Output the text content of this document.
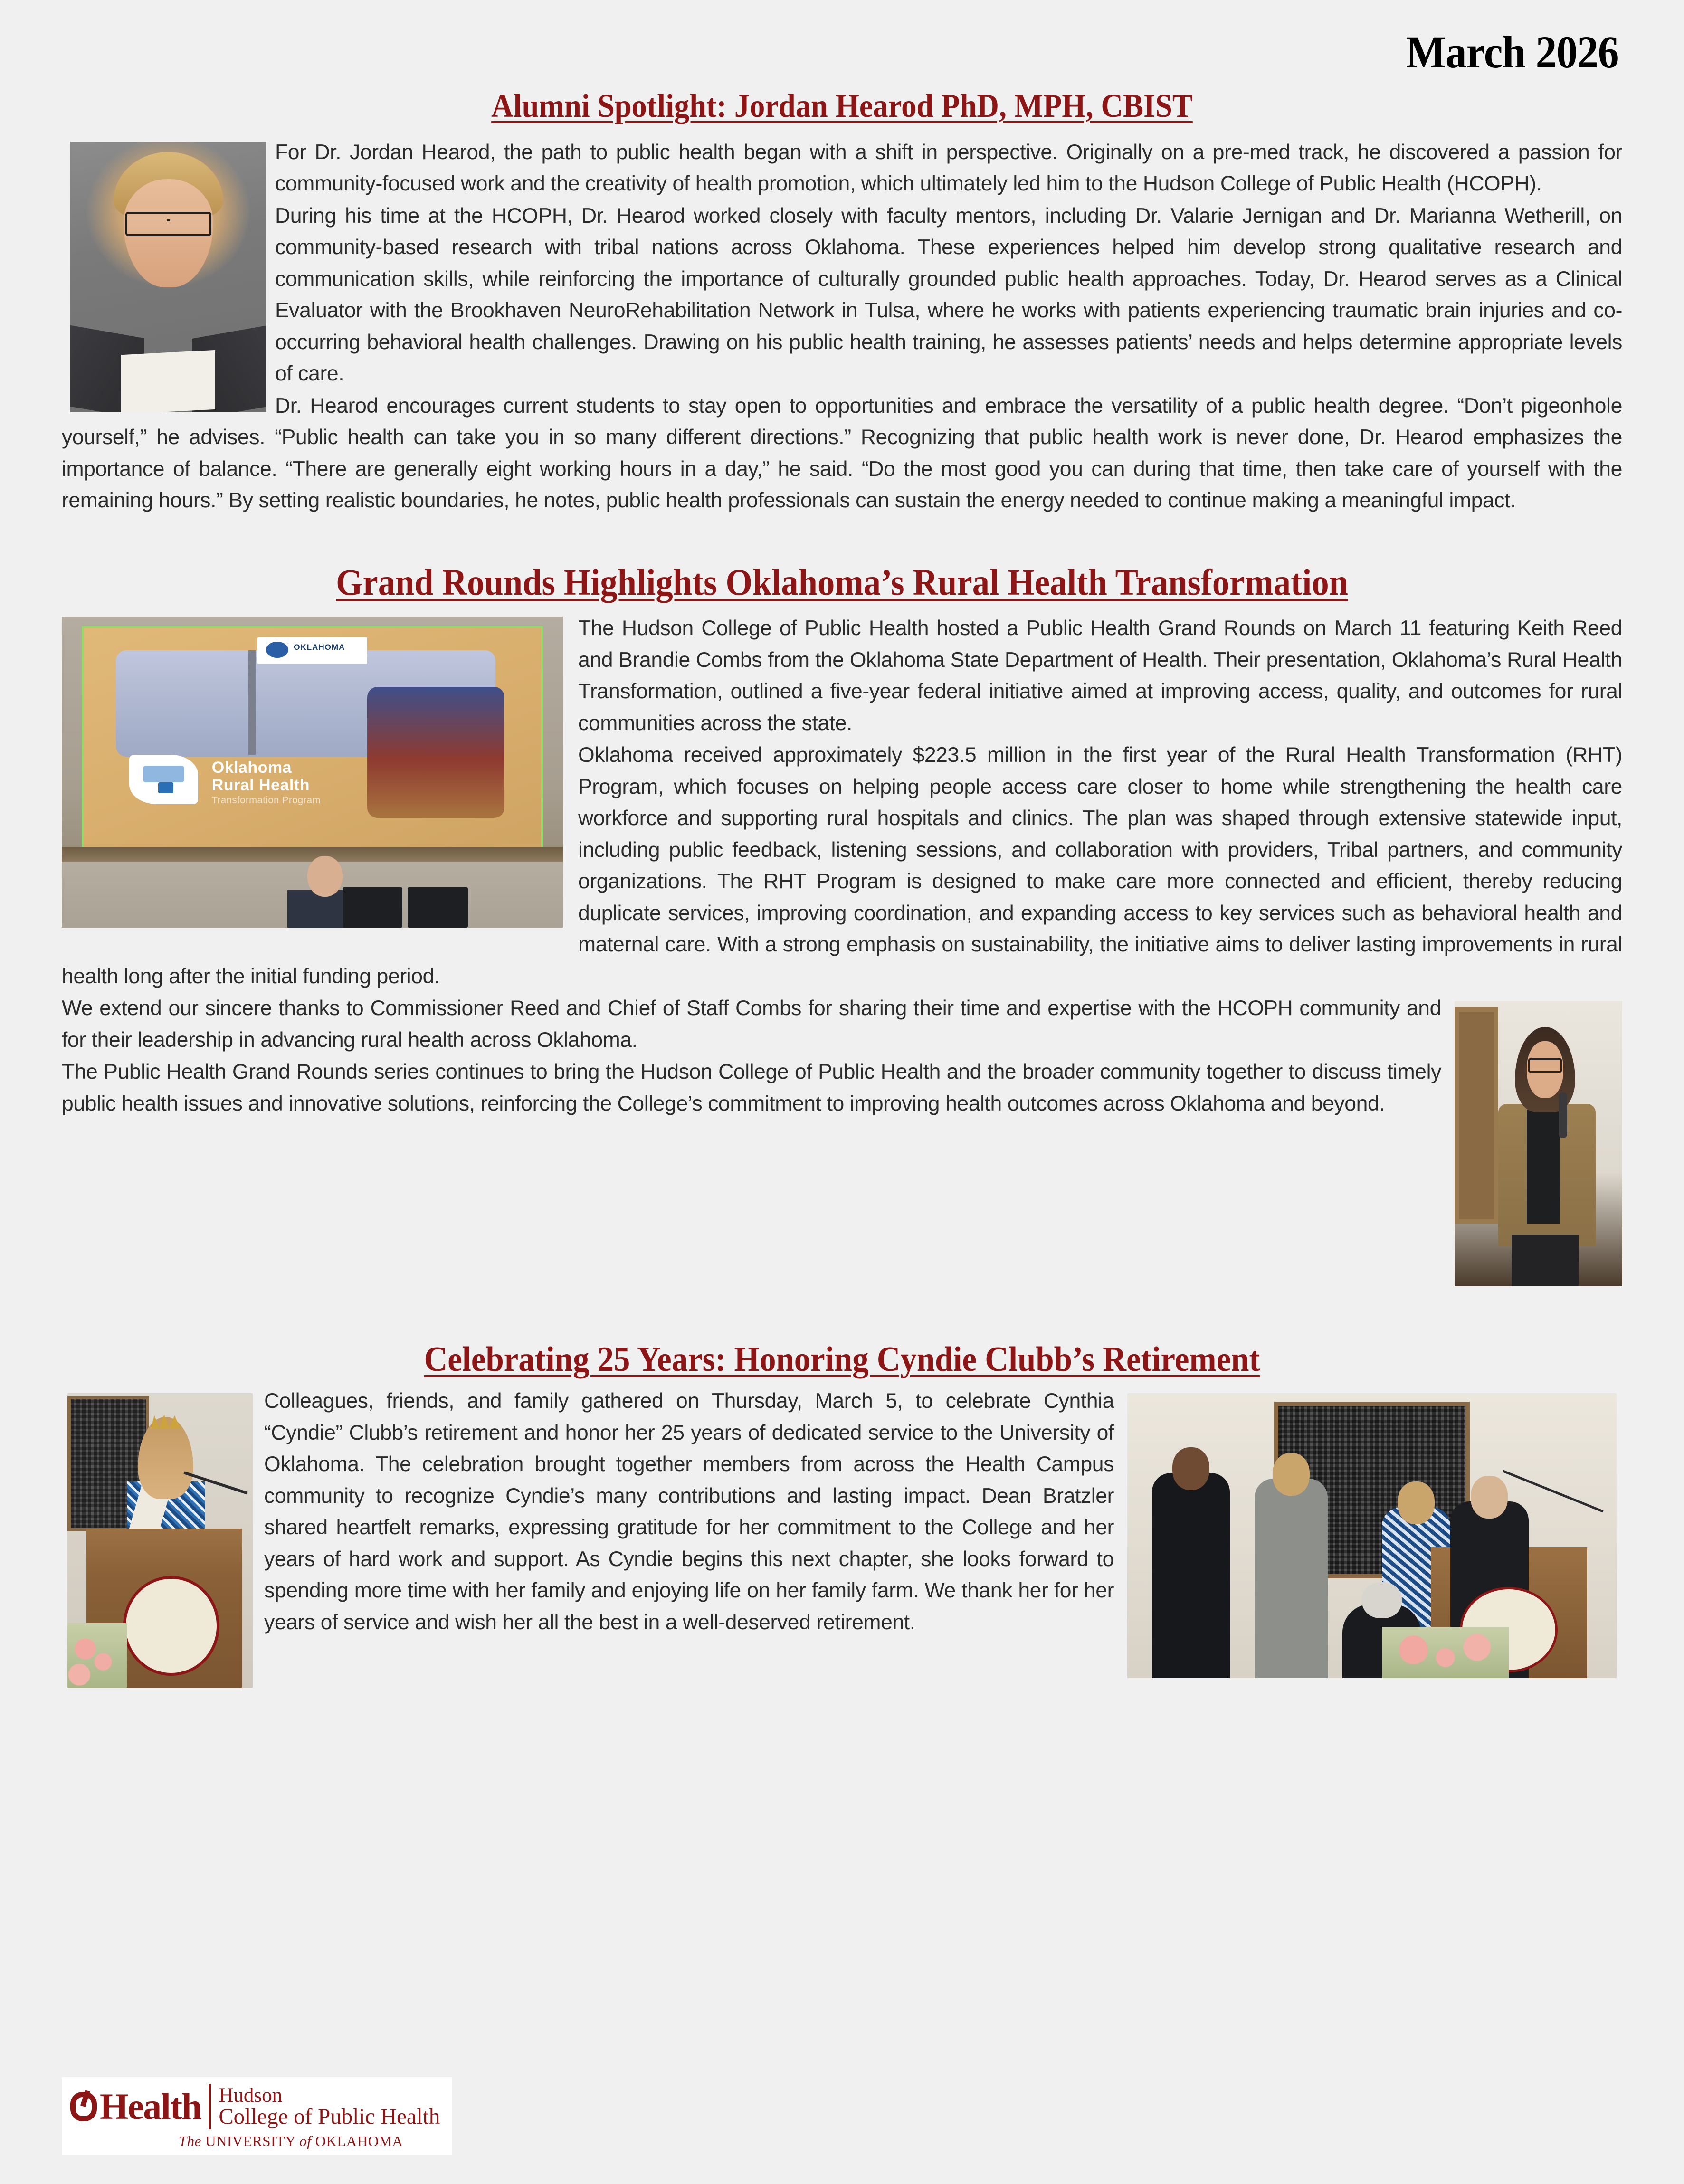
March 2026
Alumni Spotlight: Jordan Hearod PhD, MPH, CBIST

For Dr. Jordan Hearod, the path to public health began with a shift in perspective. Originally on a pre-med track, he discovered a passion for community-focused work and the creativity of health promotion, which ultimately led him to the Hudson College of Public Health (HCOPH).

During his time at the HCOPH, Dr. Hearod worked closely with faculty mentors, including Dr. Valarie Jernigan and Dr. Marianna Wetherill, on community-based research with tribal nations across Oklahoma. These experiences helped him develop strong qualitative research and communication skills, while reinforcing the importance of culturally grounded public health approaches. Today, Dr. Hearod serves as a Clinical Evaluator with the Brookhaven NeuroRehabilitation Network in Tulsa, where he works with patients experiencing traumatic brain injuries and co-occurring behavioral health challenges. Drawing on his public health training, he assesses patients’ needs and helps determine appropriate levels of care.

Dr. Hearod encourages current students to stay open to opportunities and embrace the versatility of a public health degree. “Don’t pigeonhole yourself,” he advises. “Public health can take you in so many different directions.” Recognizing that public health work is never done, Dr. Hearod emphasizes the importance of balance. “There are generally eight working hours in a day,” he said. “Do the most good you can during that time, then take care of yourself with the remaining hours.” By setting realistic boundaries, he notes, public health professionals can sustain the energy needed to continue making a meaningful impact.

Grand Rounds Highlights Oklahoma’s Rural Health Transformation
OKLAHOMA
Oklahoma
Rural Health
Transformation Program

The Hudson College of Public Health hosted a Public Health Grand Rounds on March 11 featuring Keith Reed and Brandie Combs from the Oklahoma State Department of Health. Their presentation, Oklahoma’s Rural Health Transformation, outlined a five-year federal initiative aimed at improving access, quality, and outcomes for rural communities across the state.

Oklahoma received approximately $223.5 million in the first year of the Rural Health Transformation (RHT) Program, which focuses on helping people access care closer to home while strengthening the health care workforce and supporting rural hospitals and clinics. The plan was shaped through extensive statewide input, including public feedback, listening sessions, and collaboration with providers, Tribal partners, and community organizations. The RHT Program is designed to make care more connected and efficient, thereby reducing duplicate services, improving coordination, and expanding access to key services such as behavioral health and maternal care. With a strong emphasis on sustainability, the initiative aims to deliver lasting improvements in rural health long after the initial funding period.

We extend our sincere thanks to Commissioner Reed and Chief of Staff Combs for sharing their time and expertise with the HCOPH community and for their leadership in advancing rural health across Oklahoma.

The Public Health Grand Rounds series continues to bring the Hudson College of Public Health and the broader community together to discuss timely public health issues and innovative solutions, reinforcing the College’s commitment to improving health outcomes across Oklahoma and beyond.

Celebrating 25 Years: Honoring Cyndie Clubb’s Retirement

Colleagues, friends, and family gathered on Thursday, March 5, to celebrate Cynthia “Cyndie” Clubb’s retirement and honor her 25 years of dedicated service to the University of Oklahoma. The celebration brought together members from across the Health Campus community to recognize Cyndie’s many contributions and lasting impact. Dean Bratzler shared heartfelt remarks, expressing gratitude for her commitment to the College and her years of hard work and support. As Cyndie begins this next chapter, she looks forward to spending more time with her family and enjoying life on her family farm. We thank her for her years of service and wish her all the best in a well-deserved retirement.

Health Hudson
College of Public Health
The UNIVERSITY of OKLAHOMA
